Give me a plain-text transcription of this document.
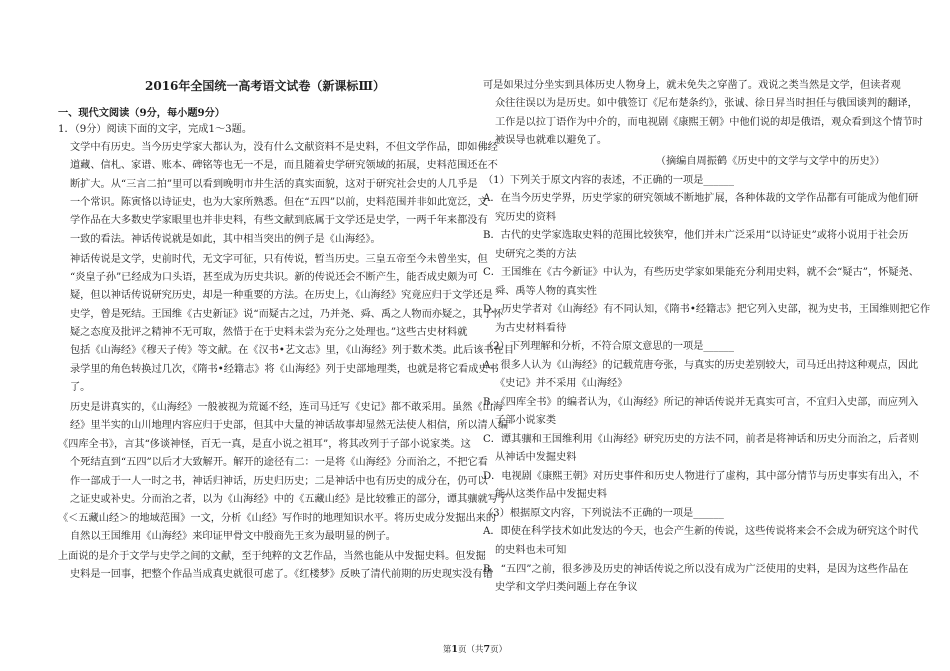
2016年全国统一高考语文试卷（新课标Ⅲ）
一、现代文阅读（9分，每小题9分）
1．（9分）阅读下面的文字，完成1～3题。
文学中有历史。当今历史学家大都认为，没有什么文献资料不是史料，不但文学作品，即如佛经
道藏、信札、家谱、账本、碑铭等也无一不是，而且随着史学研究领域的拓展，史料范围还在不
断扩大。从“三言二拍”里可以看到晚明市井生活的真实面貌，这对于研究社会史的人几乎是
一个常识。陈寅恪以诗证史，也为大家所熟悉。但在“五四”以前，史料范围并非如此宽泛，文
学作品在大多数史学家眼里也并非史料，有些文献到底属于文学还是史学，一两千年来都没有
一致的看法。神话传说就是如此，其中相当突出的例子是《山海经》。
神话传说是文学，史前时代，无文字可征，只有传说，暂当历史。三皇五帝至今未曾坐实，但
“炎皇子孙”已经成为口头语，甚至成为历史共识。新的传说还会不断产生，能否成史颇为可
疑，但以神话传说研究历史，却是一种重要的方法。在历史上，《山海经》究竟应归于文学还是
史学，曾是死结。王国维《古史新证》说“而疑古之过，乃并尧、舜、禹之人物而亦疑之，其于怀
疑之态度及批评之精神不无可取，然惜于在于史料未尝为充分之处理也。”这些古史材料就
包括《山海经》《穆天子传》等文献。在《汉书•艺文志》里，《山海经》列于数术类。此后该书在目
录学里的角色转换过几次，《隋书•经籍志》将《山海经》列于史部地理类，也就是将它看成史书
了。
历史是讲真实的，《山海经》一般被视为荒诞不经，连司马迁写《史记》都不敢采用。虽然《山海
经》里半实的山川地理内容应归于史部，但其中大量的神话故事却显然无法使人相信，所以清人编
《四库全书》，言其“侈谈神怪，百无一真，是直小说之祖耳”，将其改列于子部小说家类。这
个死结直到“五四”以后才大致解开。解开的途径有二：一是将《山海经》分而治之，不把它看
作一部成于一人一时之书，神话归神话，历史归历史；二是神话中也有历史的成分在，仍可以
之证史或补史。分而治之者，以为《山海经》中的《五藏山经》是比较雅正的部分，谭其骧就写了
《＜五藏山经＞的地域范围》一文，分析《山经》写作时的地理知识水平。将历史成分发掘出来的
自然以王国维用《山海经》来印证甲骨文中殷商先王亥为最明显的例子。
上面说的是介于文学与史学之间的文献，至于纯粹的文艺作品，当然也能从中发掘史料。但发掘
史料是一回事，把整个作品当成真史就很可虑了。《红楼梦》反映了清代前期的历史现实没有错
可是如果过分坐实到具体历史人物身上，就未免失之穿凿了。戏说之类当然是文学，但读者观
众往往误以为是历史。如中俄签订《尼布楚条约》，张诚、徐日昇当时担任与俄国谈判的翻译，
工作是以拉丁语作为中介的，而电视剧《康熙王朝》中他们说的却是俄语，观众看到这个情节时
被误导也就难以避免了。
（摘编自周振鹤《历史中的文学与文学中的历史》）
（1）下列关于原文内容的表述，不正确的一项是______
A．在当今历史学界，历史学家的研究领域不断地扩展，各种体裁的文学作品都有可能成为他们研
究历史的资料
B．古代的史学家选取史料的范围比较狭窄，他们并未广泛采用“以诗证史”或将小说用于社会历
史研究之类的方法
C．王国维在《古今新证》中认为，有些历史学家如果能充分利用史料，就不会“疑古”，怀疑尧、
舜、禹等人物的真实性
D．历史学者对《山海经》有不同认知，《隋书•经籍志》把它列入史部，视为史书，王国维则把它作
为古史材料看待
（2）下列理解和分析，不符合原文意思的一项是______
A．很多人认为《山海经》的记载荒唐夸张，与真实的历史差别较大，司马迁出持这种观点，因此
《史记》并不采用《山海经》
B．《四库全书》的编者认为，《山海经》所记的神话传说并无真实可言，不宜归入史部，而应列入
子部小说家类
C．谭其骧和王国维利用《山海经》研究历史的方法不同，前者是将神话和历史分而治之，后者则
从神话中发掘史料
D．电视剧《康熙王朝》对历史事件和历史人物进行了虚构，其中部分情节与历史事实有出入，不
能从这类作品中发掘史料
（3）根据原文内容，下列说法不正确的一项是______
A．即使在科学技术如此发达的今天，也会产生新的传说，这些传说将来会不会成为研究这个时代
的史料也未可知
B．“五四”之前，很多涉及历史的神话传说之所以没有成为广泛使用的史料，是因为这些作品在
史学和文学归类问题上存在争议
第1页（共7页）
